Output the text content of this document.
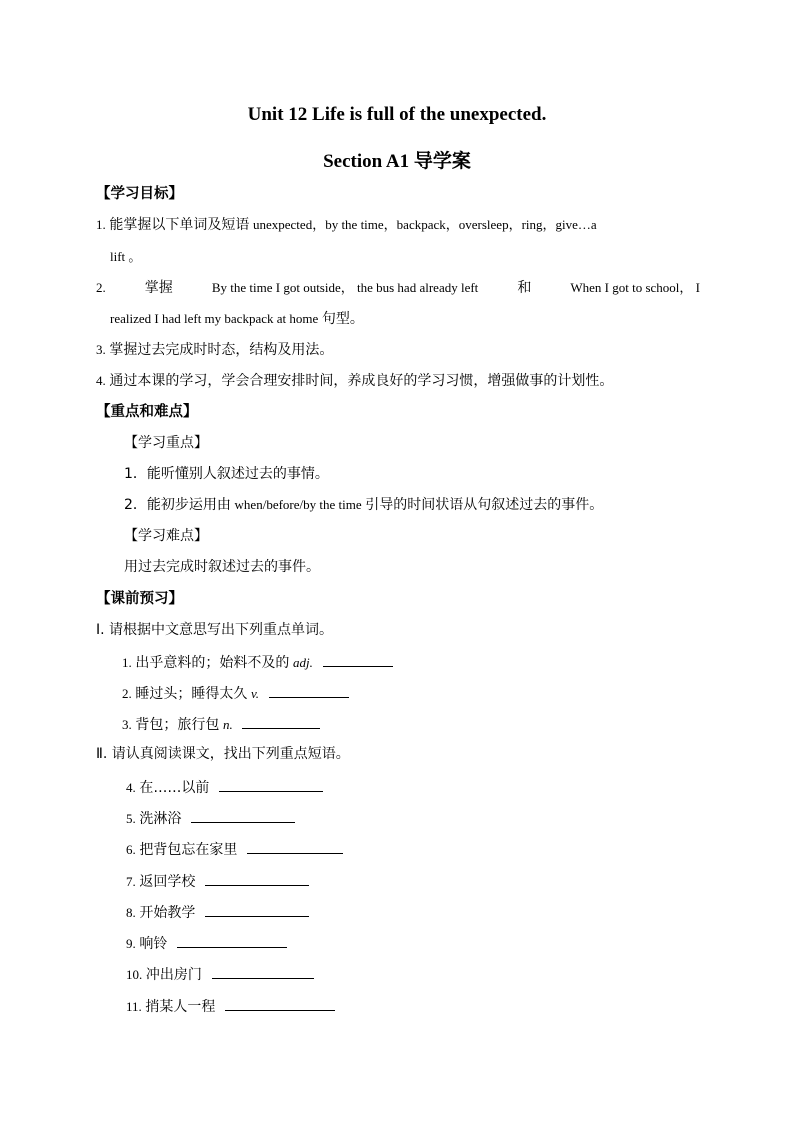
Unit 12 Life is full of the unexpected.
Section A1 导学案
【学习目标】
1. 能掌握以下单词及短语 unexpected，by the time，backpack，oversleep，ring，give…a
lift 。
2.	掌握	By the time I got outside， the bus had already left	和	When I got to school， I
realized I had left my backpack at home 句型。
3. 掌握过去完成时时态，结构及用法。
4. 通过本课的学习，学会合理安排时间，养成良好的学习习惯，增强做事的计划性。
【重点和难点】
【学习重点】
1．能听懂别人叙述过去的事情。
2．能初步运用由 when/before/by the time 引导的时间状语从句叙述过去的事件。
【学习难点】
用过去完成时叙述过去的事件。
【课前预习】
Ⅰ. 请根据中文意思写出下列重点单词。
1. 出乎意料的；始料不及的 adj.
2. 睡过头；睡得太久 v.
3. 背包；旅行包 n.
Ⅱ. 请认真阅读课文，找出下列重点短语。
4. 在……以前
5. 洗淋浴
6. 把背包忘在家里
7. 返回学校
8. 开始教学
9. 响铃
10. 冲出房门
11. 捎某人一程
